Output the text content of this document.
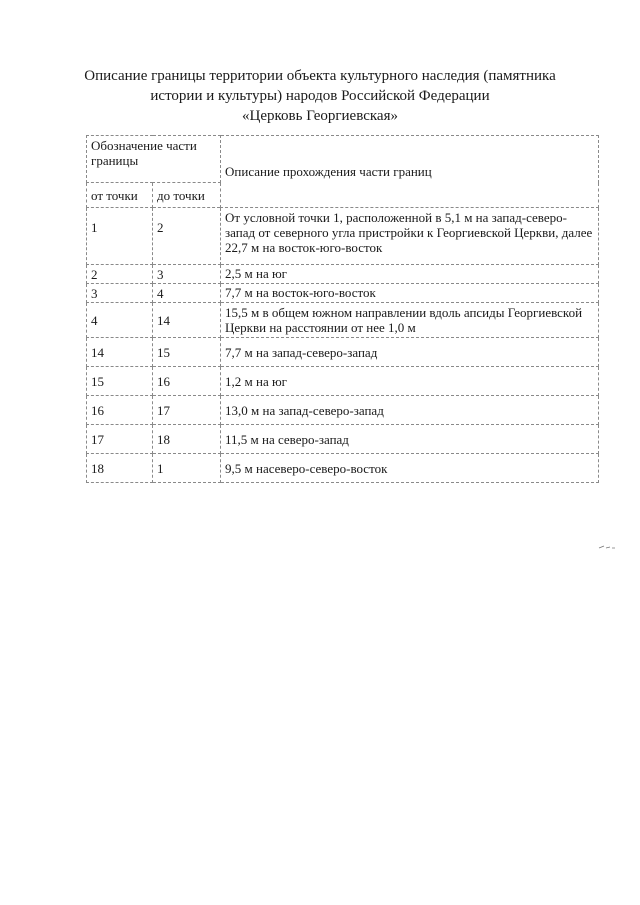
Описание границы территории объекта культурного наследия (памятника
истории и культуры) народов Российской Федерации
«Церковь Георгиевская»
Обозначение части границы		Описание прохождения части границ
от точки	до точки	
1	2	От условной точки 1, расположенной в 5,1 м на запад-северо-запад от северного угла пристройки к Георгиевской Церкви, далее 22,7 м на восток-юго-восток
2	3	2,5 м на юг
3	4	7,7 м на восток-юго-восток
4	14	15,5 м в общем южном направлении вдоль апсиды Георгиевской Церкви на расстоянии от нее 1,0 м
14	15	7,7 м на запад-северо-запад
15	16	1,2 м на юг
16	17	13,0 м на запад-северо-запад
17	18	11,5 м на северо-запад
18	1	9,5 м насеверо-северо-восток
